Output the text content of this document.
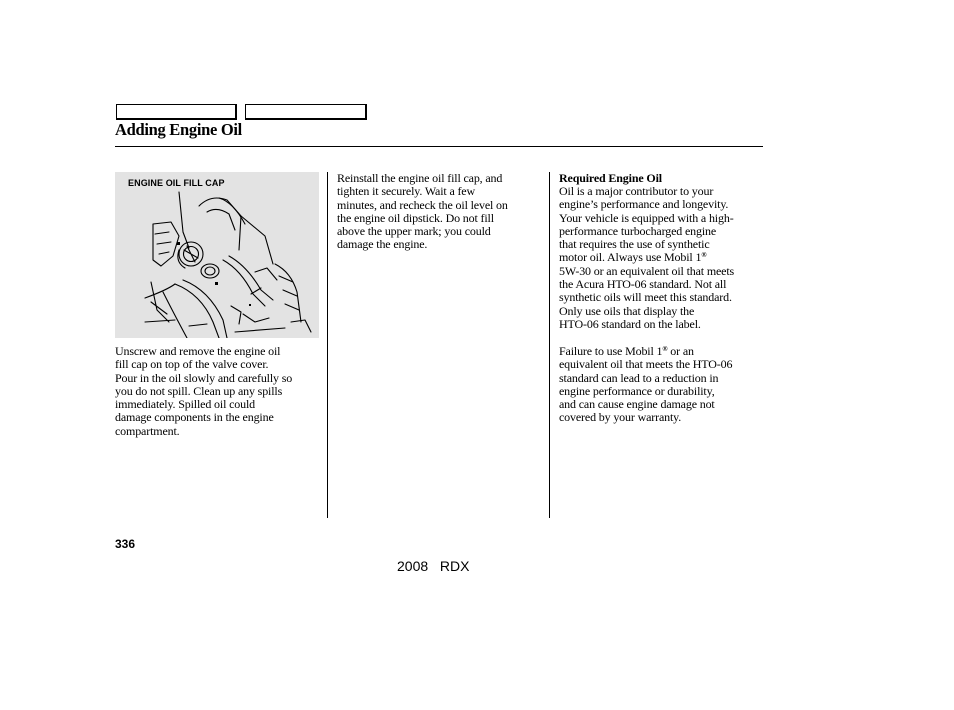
Adding Engine Oil
ENGINE OIL FILL CAP
Unscrew and remove the engine oil
fill cap on top of the valve cover.
Pour in the oil slowly and carefully so
you do not spill. Clean up any spills
immediately. Spilled oil could
damage components in the engine
compartment.
Reinstall the engine oil fill cap, and
tighten it securely. Wait a few
minutes, and recheck the oil level on
the engine oil dipstick. Do not fill
above the upper mark; you could
damage the engine.
Required Engine Oil
Oil is a major contributor to your
engine’s performance and longevity.
Your vehicle is equipped with a high-
performance turbocharged engine
that requires the use of synthetic
motor oil. Always use Mobil 1®
5W-30 or an equivalent oil that meets
the Acura HTO-06 standard. Not all
synthetic oils will meet this standard.
Only use oils that display the
HTO-06 standard on the label.
Failure to use Mobil 1® or an
equivalent oil that meets the HTO-06
standard can lead to a reduction in
engine performance or durability,
and can cause engine damage not
covered by your warranty.
336
2008  RDX
